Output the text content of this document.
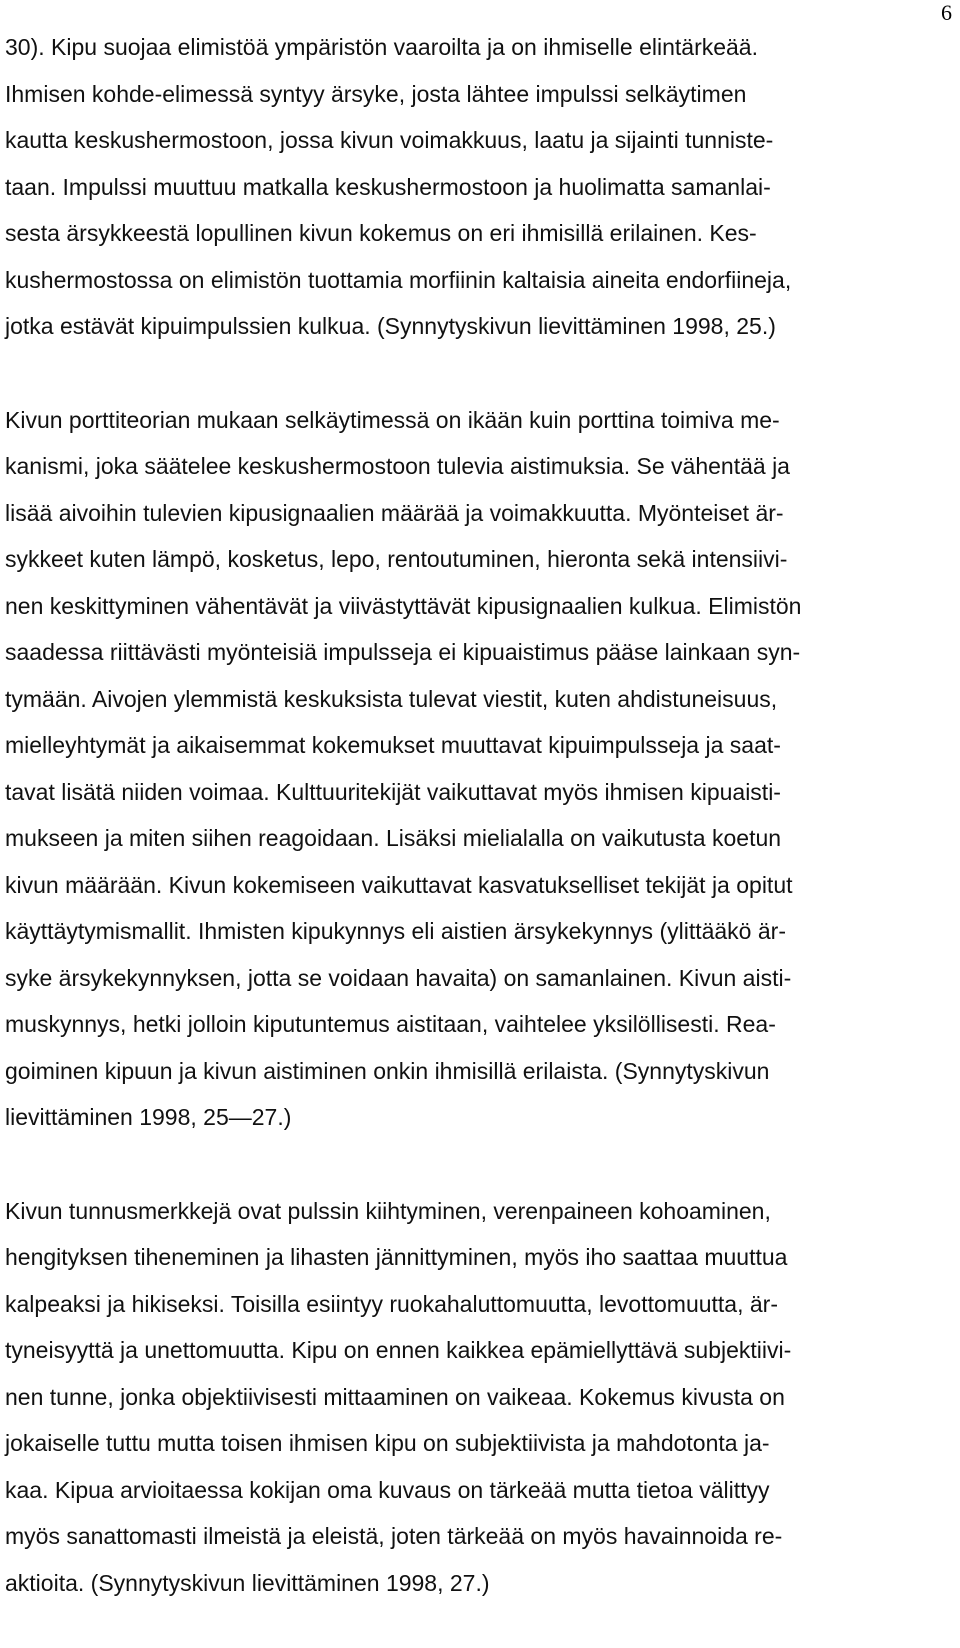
6
30). Kipu suojaa elimistöä ympäristön vaaroilta ja on ihmiselle elintärkeää.
Ihmisen kohde-elimessä syntyy ärsyke, josta lähtee impulssi selkäytimen
kautta keskushermostoon, jossa kivun voimakkuus, laatu ja sijainti tunniste-
taan. Impulssi muuttuu matkalla keskushermostoon ja huolimatta samanlai-
sesta ärsykkeestä lopullinen kivun kokemus on eri ihmisillä erilainen. Kes-
kushermostossa on elimistön tuottamia morfiinin kaltaisia aineita endorfiineja,
jotka estävät kipuimpulssien kulkua. (Synnytyskivun lievittäminen 1998, 25.)
Kivun porttiteorian mukaan selkäytimessä on ikään kuin porttina toimiva me-
kanismi, joka säätelee keskushermostoon tulevia aistimuksia. Se vähentää ja
lisää aivoihin tulevien kipusignaalien määrää ja voimakkuutta. Myönteiset är-
sykkeet kuten lämpö, kosketus, lepo, rentoutuminen, hieronta sekä intensiivi-
nen keskittyminen vähentävät ja viivästyttävät kipusignaalien kulkua. Elimistön
saadessa riittävästi myönteisiä impulsseja ei kipuaistimus pääse lainkaan syn-
tymään. Aivojen ylemmistä keskuksista tulevat viestit, kuten ahdistuneisuus,
mielleyhtymät ja aikaisemmat kokemukset muuttavat kipuimpulsseja ja saat-
tavat lisätä niiden voimaa. Kulttuuritekijät vaikuttavat myös ihmisen kipuaisti-
mukseen ja miten siihen reagoidaan. Lisäksi mielialalla on vaikutusta koetun
kivun määrään. Kivun kokemiseen vaikuttavat kasvatukselliset tekijät ja opitut
käyttäytymismallit. Ihmisten kipukynnys eli aistien ärsykekynnys (ylittääkö är-
syke ärsykekynnyksen, jotta se voidaan havaita) on samanlainen. Kivun aisti-
muskynnys, hetki jolloin kiputuntemus aistitaan, vaihtelee yksilöllisesti. Rea-
goiminen kipuun ja kivun aistiminen onkin ihmisillä erilaista. (Synnytyskivun
lievittäminen 1998, 25—27.)
Kivun tunnusmerkkejä ovat pulssin kiihtyminen, verenpaineen kohoaminen,
hengityksen tiheneminen ja lihasten jännittyminen, myös iho saattaa muuttua
kalpeaksi ja hikiseksi. Toisilla esiintyy ruokahaluttomuutta, levottomuutta, är-
tyneisyyttä ja unettomuutta. Kipu on ennen kaikkea epämiellyttävä subjektiivi-
nen tunne, jonka objektiivisesti mittaaminen on vaikeaa. Kokemus kivusta on
jokaiselle tuttu mutta toisen ihmisen kipu on subjektiivista ja mahdotonta ja-
kaa. Kipua arvioitaessa kokijan oma kuvaus on tärkeää mutta tietoa välittyy
myös sanattomasti ilmeistä ja eleistä, joten tärkeää on myös havainnoida re-
aktioita. (Synnytyskivun lievittäminen 1998, 27.)
